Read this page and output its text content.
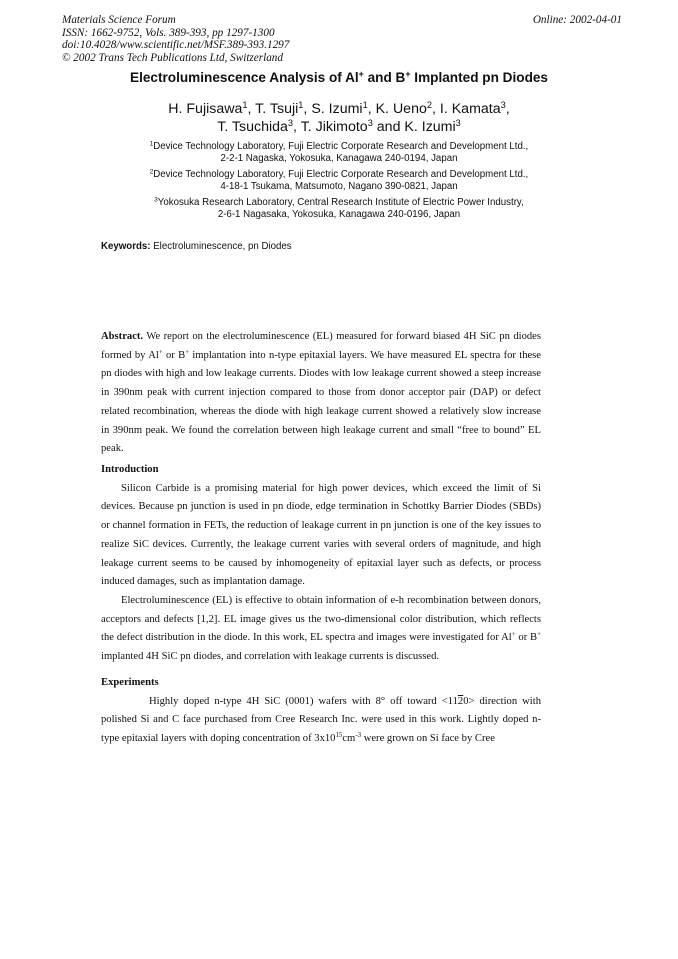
Materials Science Forum
ISSN: 1662-9752, Vols. 389-393, pp 1297-1300
doi:10.4028/www.scientific.net/MSF.389-393.1297
© 2002 Trans Tech Publications Ltd, Switzerland
Online: 2002-04-01
Electroluminescence Analysis of Al+ and B+ Implanted pn Diodes
H. Fujisawa$^1$, T. Tsuji$^1$, S. Izumi$^1$, K. Ueno$^2$, I. Kamata$^3$,
T. Tsuchida$^3$, T. Jikimoto$^3$ and K. Izumi$^3$
$^1$Device Technology Laboratory, Fuji Electric Corporate Research and Development Ltd.,
2-2-1 Nagaska, Yokosuka, Kanagawa 240-0194, Japan
$^2$Device Technology Laboratory, Fuji Electric Corporate Research and Development Ltd.,
4-18-1 Tsukama, Matsumoto, Nagano 390-0821, Japan
$^3$Yokosuka Research Laboratory, Central Research Institute of Electric Power Industry,
2-6-1 Nagasaka, Yokosuka, Kanagawa 240-0196, Japan
Keywords: Electroluminescence, pn Diodes

Abstract. We report on the electroluminescence (EL) measured for forward biased 4H SiC pn diodes formed by Al+ or B+ implantation into n-type epitaxial layers. We have measured EL spectra for these pn diodes with high and low leakage currents. Diodes with low leakage current showed a steep increase in 390nm peak with current injection compared to those from donor acceptor pair (DAP) or defect related recombination, whereas the diode with high leakage current showed a relatively slow increase in 390nm peak. We found the correlation between high leakage current and small “free to bound” EL peak.

Introduction

Silicon Carbide is a promising material for high power devices, which exceed the limit of Si devices. Because pn junction is used in pn diode, edge termination in Schottky Barrier Diodes (SBDs) or channel formation in FETs, the reduction of leakage current in pn junction is one of the key issues to realize SiC devices. Currently, the leakage current varies with several orders of magnitude, and high leakage current seems to be caused by inhomogeneity of epitaxial layer such as defects, or process induced damages, such as implantation damage.

Electroluminescence (EL) is effective to obtain information of e-h recombination between donors, acceptors and defects [1,2]. EL image gives us the two-dimensional color distribution, which reflects the defect distribution in the diode. In this work, EL spectra and images were investigated for Al+ or B+ implanted 4H SiC pn diodes, and correlation with leakage currents is discussed.

Experiments

Highly doped n-type 4H SiC (0001) wafers with 8° off toward <1120> direction with polished Si and C face purchased from Cree Research Inc. were used in this work. Lightly doped n-type epitaxial layers with doping concentration of $3x10^{15}cm^{-3}$ were grown on Si face by Cree
